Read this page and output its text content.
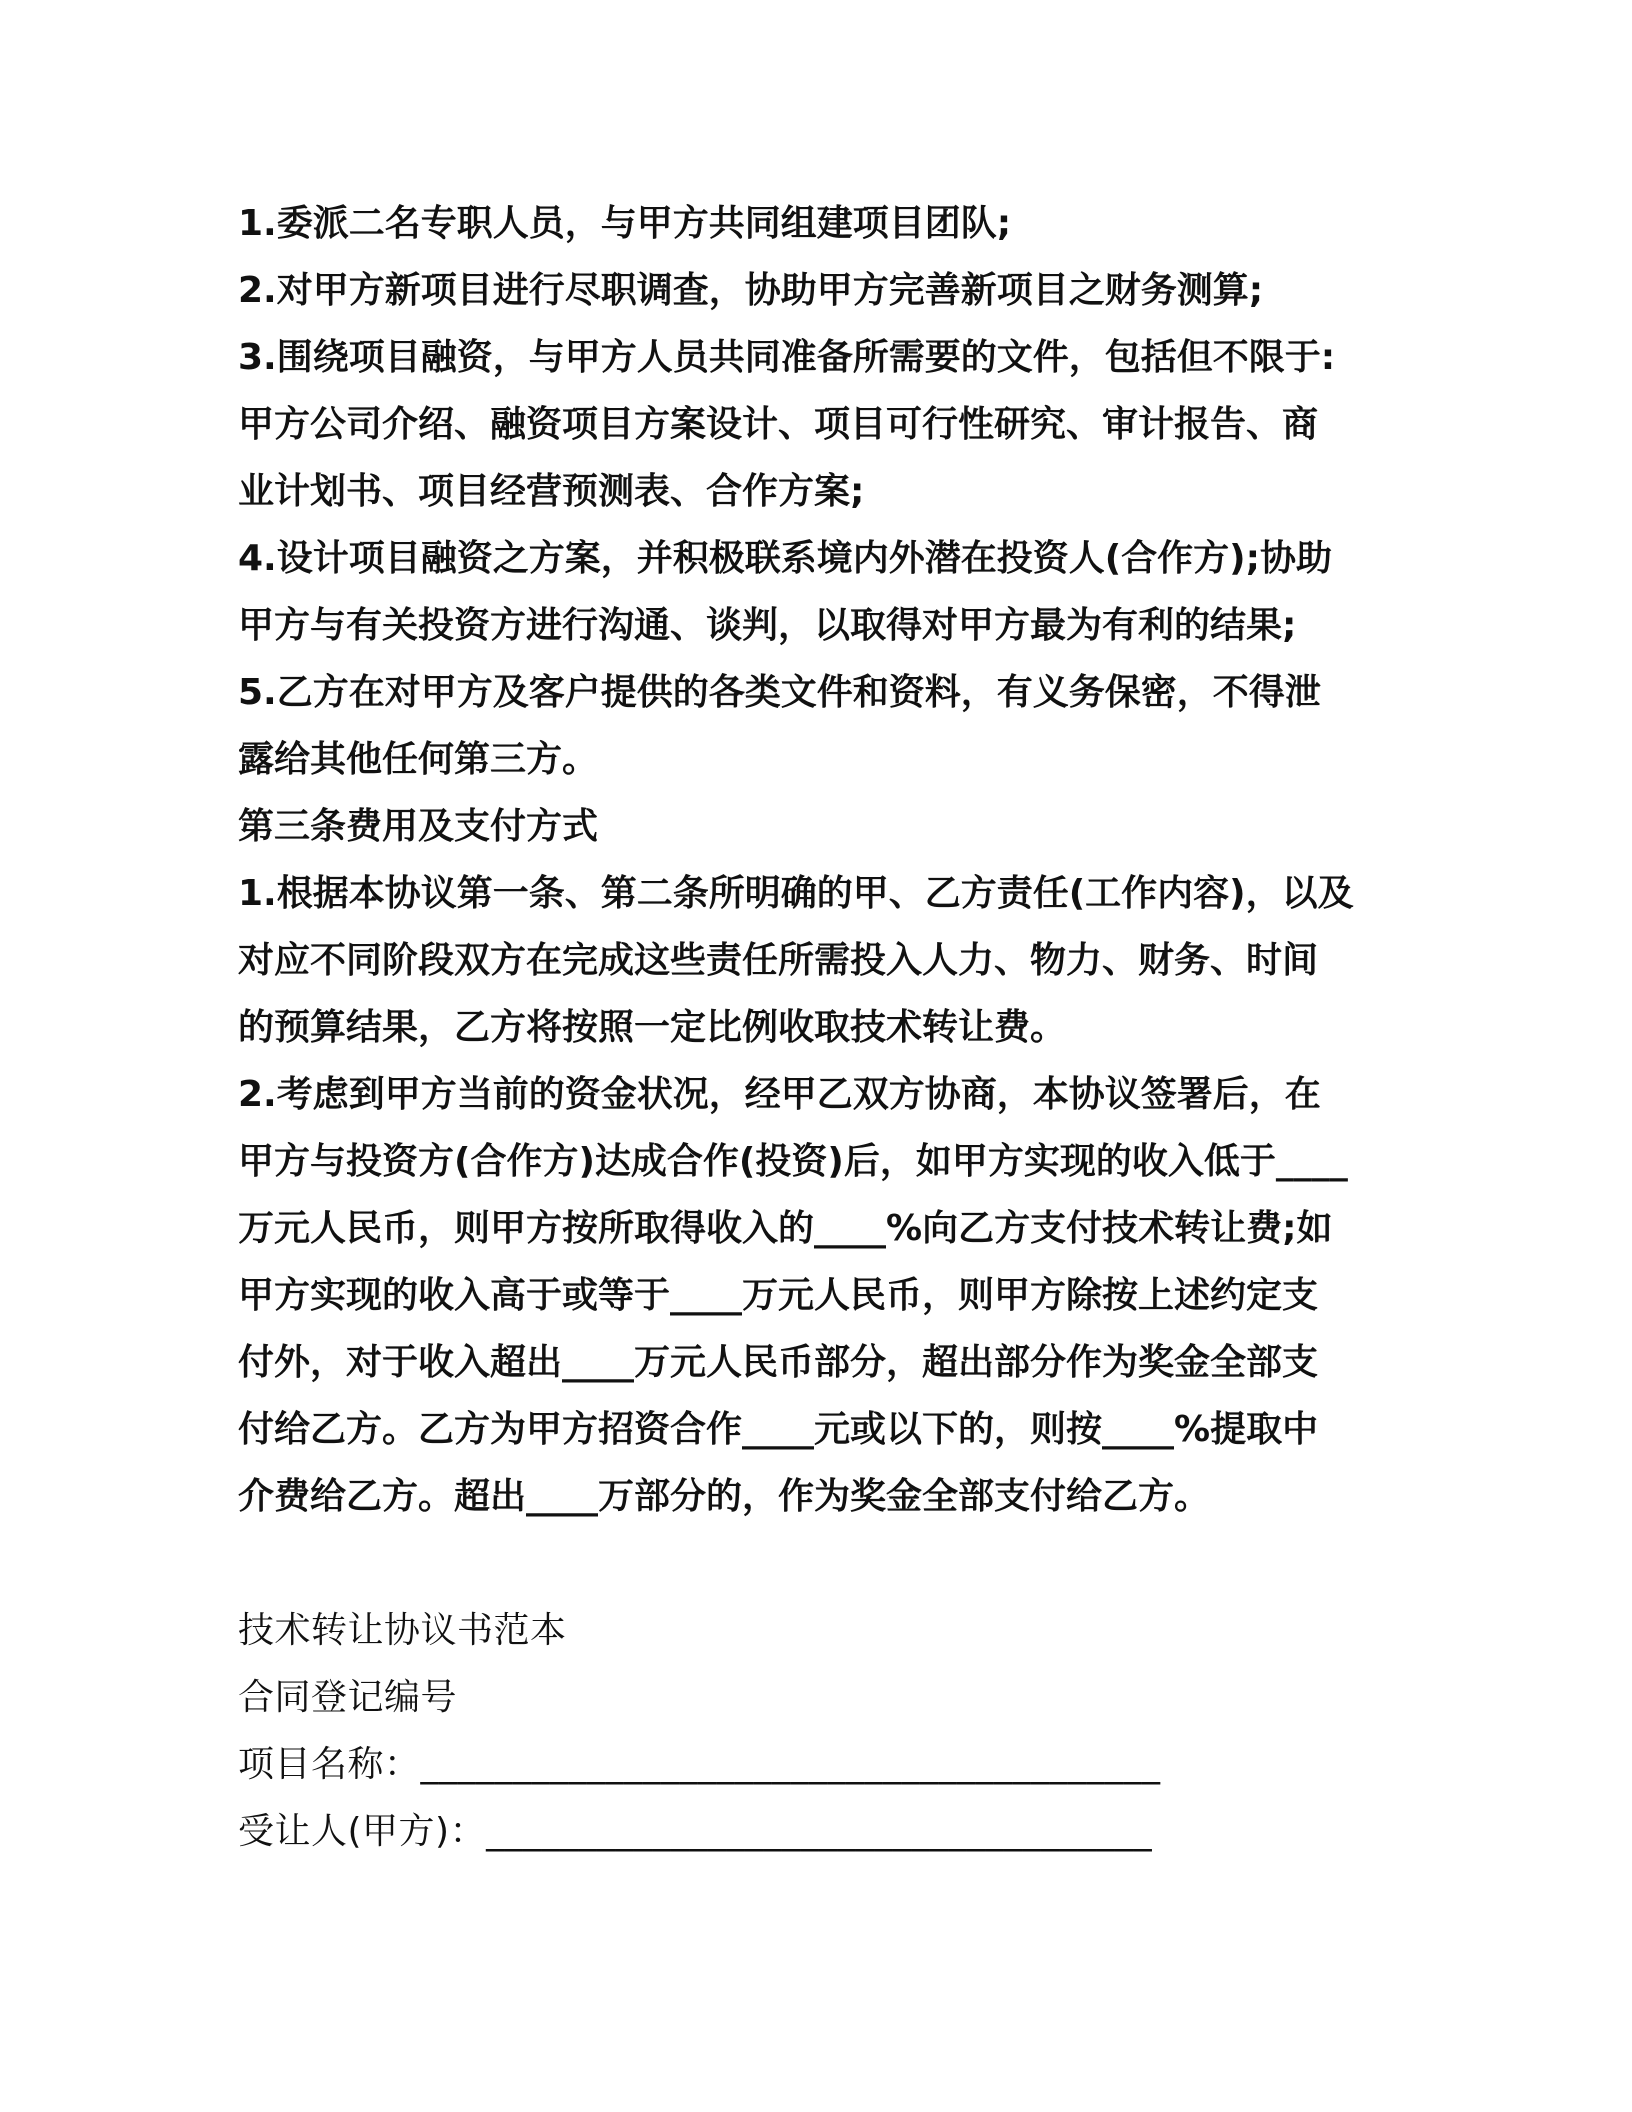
1.委派二名专职人员，与甲方共同组建项目团队;
2.对甲方新项目进行尽职调查，协助甲方完善新项目之财务测算;
3.围绕项目融资，与甲方人员共同准备所需要的文件，包括但不限于:
甲方公司介绍、融资项目方案设计、项目可行性研究、审计报告、商
业计划书、项目经营预测表、合作方案;
4.设计项目融资之方案，并积极联系境内外潜在投资人(合作方);协助
甲方与有关投资方进行沟通、谈判，以取得对甲方最为有利的结果;
5.乙方在对甲方及客户提供的各类文件和资料，有义务保密，不得泄
露给其他任何第三方。
第三条费用及支付方式
1.根据本协议第一条、第二条所明确的甲、乙方责任(工作内容)，以及
对应不同阶段双方在完成这些责任所需投入人力、物力、财务、时间
的预算结果，乙方将按照一定比例收取技术转让费。
2.考虑到甲方当前的资金状况，经甲乙双方协商，本协议签署后，在
甲方与投资方(合作方)达成合作(投资)后，如甲方实现的收入低于____
万元人民币，则甲方按所取得收入的____%向乙方支付技术转让费;如
甲方实现的收入高于或等于____万元人民币，则甲方除按上述约定支
付外，对于收入超出____万元人民币部分，超出部分作为奖金全部支
付给乙方。乙方为甲方招资合作____元或以下的，则按____%提取中
介费给乙方。超出____万部分的，作为奖金全部支付给乙方。
技术转让协议书范本
合同登记编号
项目名称：________________________________________
受让人(甲方)：____________________________________
